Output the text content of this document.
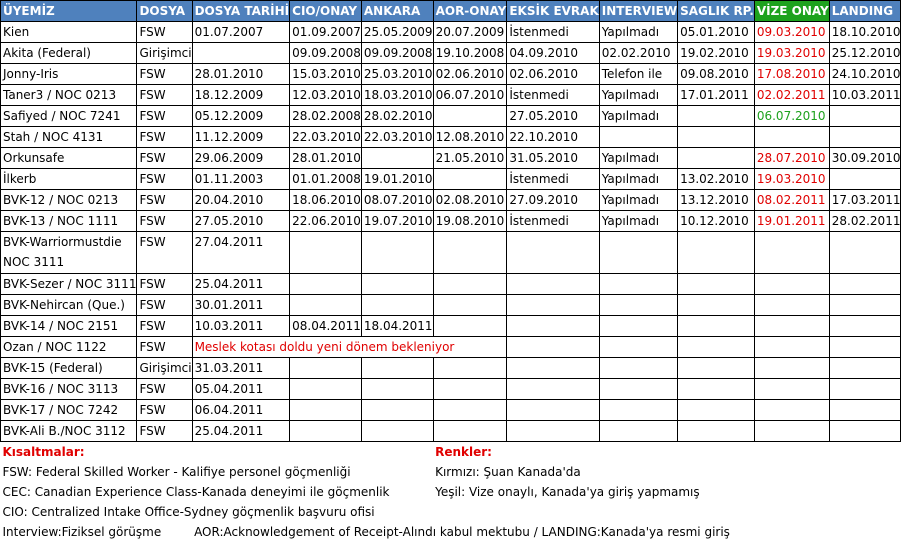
ÜYEMİZ	DOSYA	DOSYA TARİHİ	CIO/ONAY	ANKARA	AOR-ONAY	EKSİK EVRAK	INTERVIEW	SAGLIK RP.	VİZE ONAY	LANDING
Kien	FSW	01.07.2007	01.09.2007	25.05.2009	20.07.2009	İstenmedi	Yapılmadı	05.01.2010	09.03.2010	18.10.2010
Akita (Federal)	Girişimci		09.09.2008	09.09.2008	19.10.2008	04.09.2010	02.02.2010	19.02.2010	19.03.2010	25.12.2010
Jonny-Iris	FSW	28.01.2010	15.03.2010	25.03.2010	02.06.2010	02.06.2010	Telefon ile	09.08.2010	17.08.2010	24.10.2010
Taner3 / NOC 0213	FSW	18.12.2009	12.03.2010	18.03.2010	06.07.2010	İstenmedi	Yapılmadı	17.01.2011	02.02.2011	10.03.2011
Safiyed / NOC 7241	FSW	05.12.2009	28.02.2008	28.02.2010		27.05.2010	Yapılmadı		06.07.2010	
Stah / NOC 4131	FSW	11.12.2009	22.03.2010	22.03.2010	12.08.2010	22.10.2010				
Orkunsafe	FSW	29.06.2009	28.01.2010		21.05.2010	31.05.2010	Yapılmadı		28.07.2010	30.09.2010
İlkerb	FSW	01.11.2003	01.01.2008	19.01.2010		İstenmedi	Yapılmadı	13.02.2010	19.03.2010	
BVK-12 / NOC 0213	FSW	20.04.2010	18.06.2010	08.07.2010	02.08.2010	27.09.2010	Yapılmadı	13.12.2010	08.02.2011	17.03.2011
BVK-13 / NOC 1111	FSW	27.05.2010	22.06.2010	19.07.2010	19.08.2010	İstenmedi	Yapılmadı	10.12.2010	19.01.2011	28.02.2011
BVK-Warriormustdie NOC 3111	FSW	27.04.2011								
BVK-Sezer / NOC 3111	FSW	25.04.2011								
BVK-Nehircan (Que.)	FSW	30.01.2011								
BVK-14 / NOC 2151	FSW	10.03.2011	08.04.2011	18.04.2011						
Ozan / NOC 1122	FSW	Meslek kotası doldu yeni dönem bekleniyor								
BVK-15 (Federal)	Girişimci	31.03.2011								
BVK-16 / NOC 3113	FSW	05.04.2011								
BVK-17 / NOC 7242	FSW	06.04.2011								
BVK-Ali B./NOC 3112	FSW	25.04.2011								
Kısaltmalar:					Renkler:					
FSW: Federal Skilled Worker - Kalifiye personel göçmenliği					Kırmızı: Şuan Kanada'da					
CEC: Canadian Experience Class-Kanada deneyimi ile göçmenlik					Yeşil: Vize onaylı, Kanada'ya giriş yapmamış					
CIO: Centralized Intake Office-Sydney göçmenlik başvuru ofisi										
Interview:Fiziksel görüşme		AOR:Acknowledgement of Receipt-Alındı kabul mektubu / LANDING:Kanada'ya resmi giriş								
